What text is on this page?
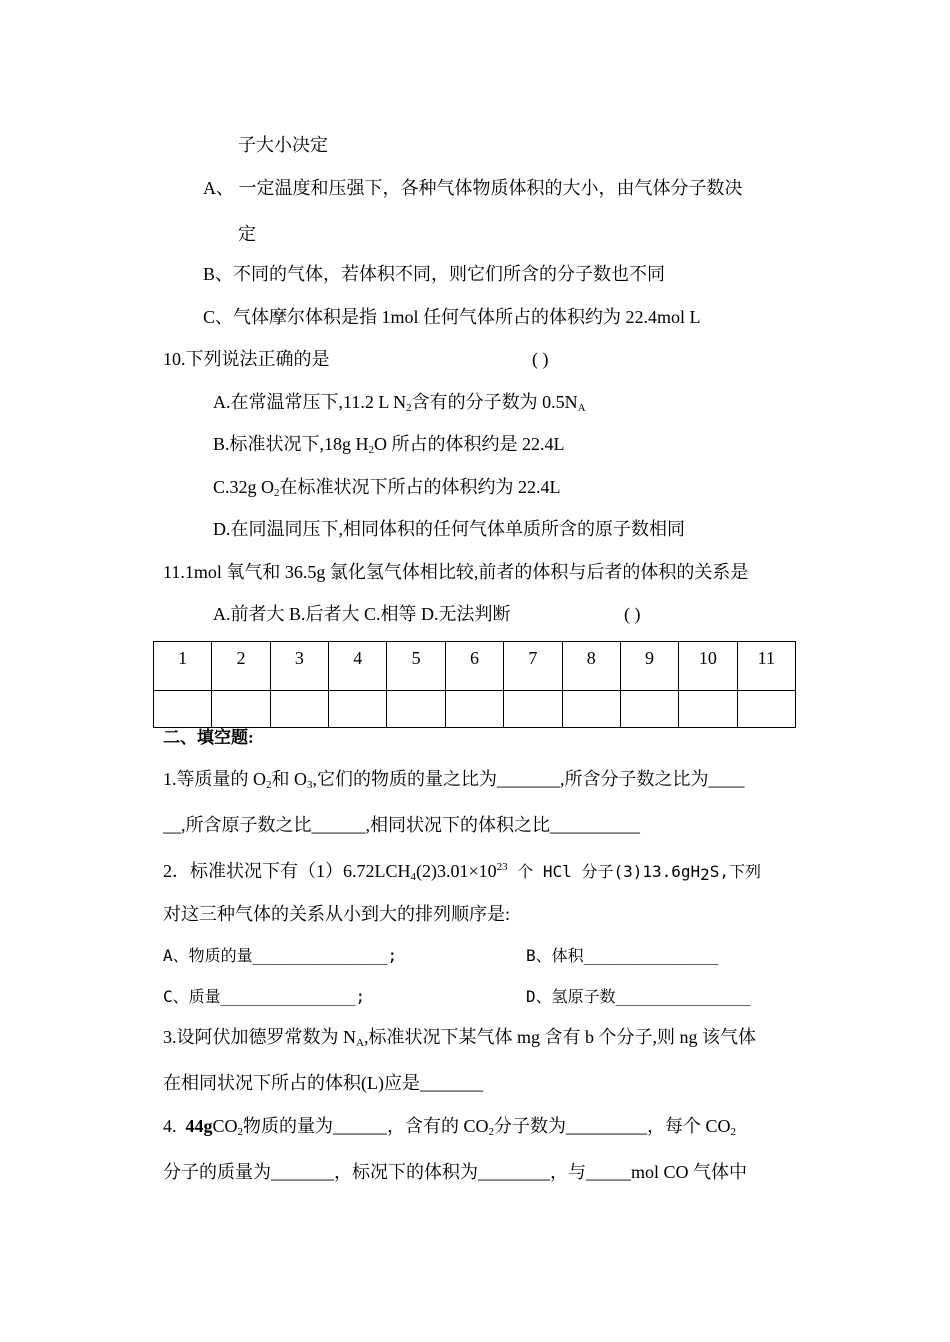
子大小决定
A、 一定温度和压强下，各种气体物质体积的大小，由气体分子数决
定
B、不同的气体，若体积不同，则它们所含的分子数也不同
C、气体摩尔体积是指 1mol 任何气体所占的体积约为 22.4mol L
10.下列说法正确的是	( )
A.在常温常压下,11.2 L $N_2$含有的分子数为 $0.5N_A$
B.标准状况下,18g $H_2O$ 所占的体积约是 22.4L
C.32g $O_2$在标准状况下所占的体积约为 22.4L
D.在同温同压下,相同体积的任何气体单质所含的原子数相同
11.1mol 氧气和 36.5g 氯化氢气体相比较,前者的体积与后者的体积的关系是
A.前者大 B.后者大 C.相等 D.无法判断	( )
1	2	3	4	5	6	7	8	9	10	11

二、填空题:
1.等质量的 $O_2$和 $O_3$,它们的物质的量之比为_______,所含分子数之比为____
__,所含原子数之比______,相同状况下的体积之比__________
2．标准状况下有$(1)6.72LCH_4(2)3.01\times 10^{23}$ 个 HCl 分子$(3)13.6gH_2S$,下列
对这三种气体的关系从小到大的排列顺序是:
A、物质的量______________;	B、体积______________
C、质量______________;	D、氢原子数______________
3.设阿伏加德罗常数为 $N_A$,标准状况下某气体 mg 含有 b 个分子,则 ng 该气体
在相同状况下所占的体积(L)应是_______
4. 44gCO$_2$物质的量为______，含有的 $CO_2$分子数为_________，每个 $CO_2$
分子的质量为_______，标况下的体积为________，与_____mol CO 气体中
